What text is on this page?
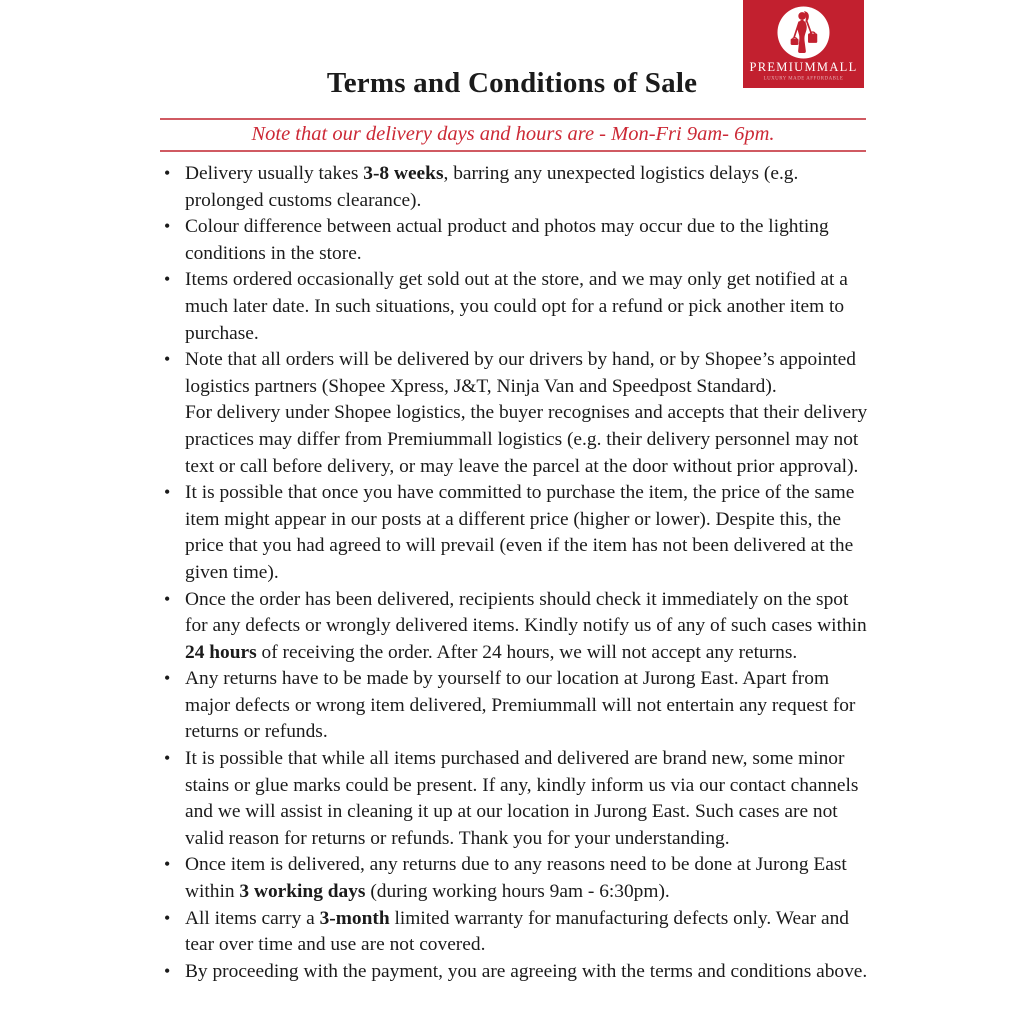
PREMIUMMALL
LUXURY MADE AFFORDABLE
Terms and Conditions of Sale
Note that our delivery days and hours are - Mon-Fri 9am- 6pm.
• Delivery usually takes 3-8 weeks, barring any unexpected logistics delays (e.g. prolonged customs clearance).
• Colour difference between actual product and photos may occur due to the lighting conditions in the store.
• Items ordered occasionally get sold out at the store, and we may only get notified at a much later date. In such situations, you could opt for a refund or pick another item to purchase.
• Note that all orders will be delivered by our drivers by hand, or by Shopee’s appointed logistics partners (Shopee Xpress, J&T, Ninja Van and Speedpost Standard).
For delivery under Shopee logistics, the buyer recognises and accepts that their delivery practices may differ from Premiummall logistics (e.g. their delivery personnel may not text or call before delivery, or may leave the parcel at the door without prior approval).
• It is possible that once you have committed to purchase the item, the price of the same item might appear in our posts at a different price (higher or lower). Despite this, the price that you had agreed to will prevail (even if the item has not been delivered at the given time).
• Once the order has been delivered, recipients should check it immediately on the spot for any defects or wrongly delivered items. Kindly notify us of any of such cases within 24 hours of receiving the order. After 24 hours, we will not accept any returns.
• Any returns have to be made by yourself to our location at Jurong East. Apart from major defects or wrong item delivered, Premiummall will not entertain any request for returns or refunds.
• It is possible that while all items purchased and delivered are brand new, some minor stains or glue marks could be present. If any, kindly inform us via our contact channels and we will assist in cleaning it up at our location in Jurong East. Such cases are not valid reason for returns or refunds. Thank you for your understanding.
• Once item is delivered, any returns due to any reasons need to be done at Jurong East within 3 working days (during working hours 9am - 6:30pm).
• All items carry a 3-month limited warranty for manufacturing defects only. Wear and tear over time and use are not covered.
• By proceeding with the payment, you are agreeing with the terms and conditions above.
